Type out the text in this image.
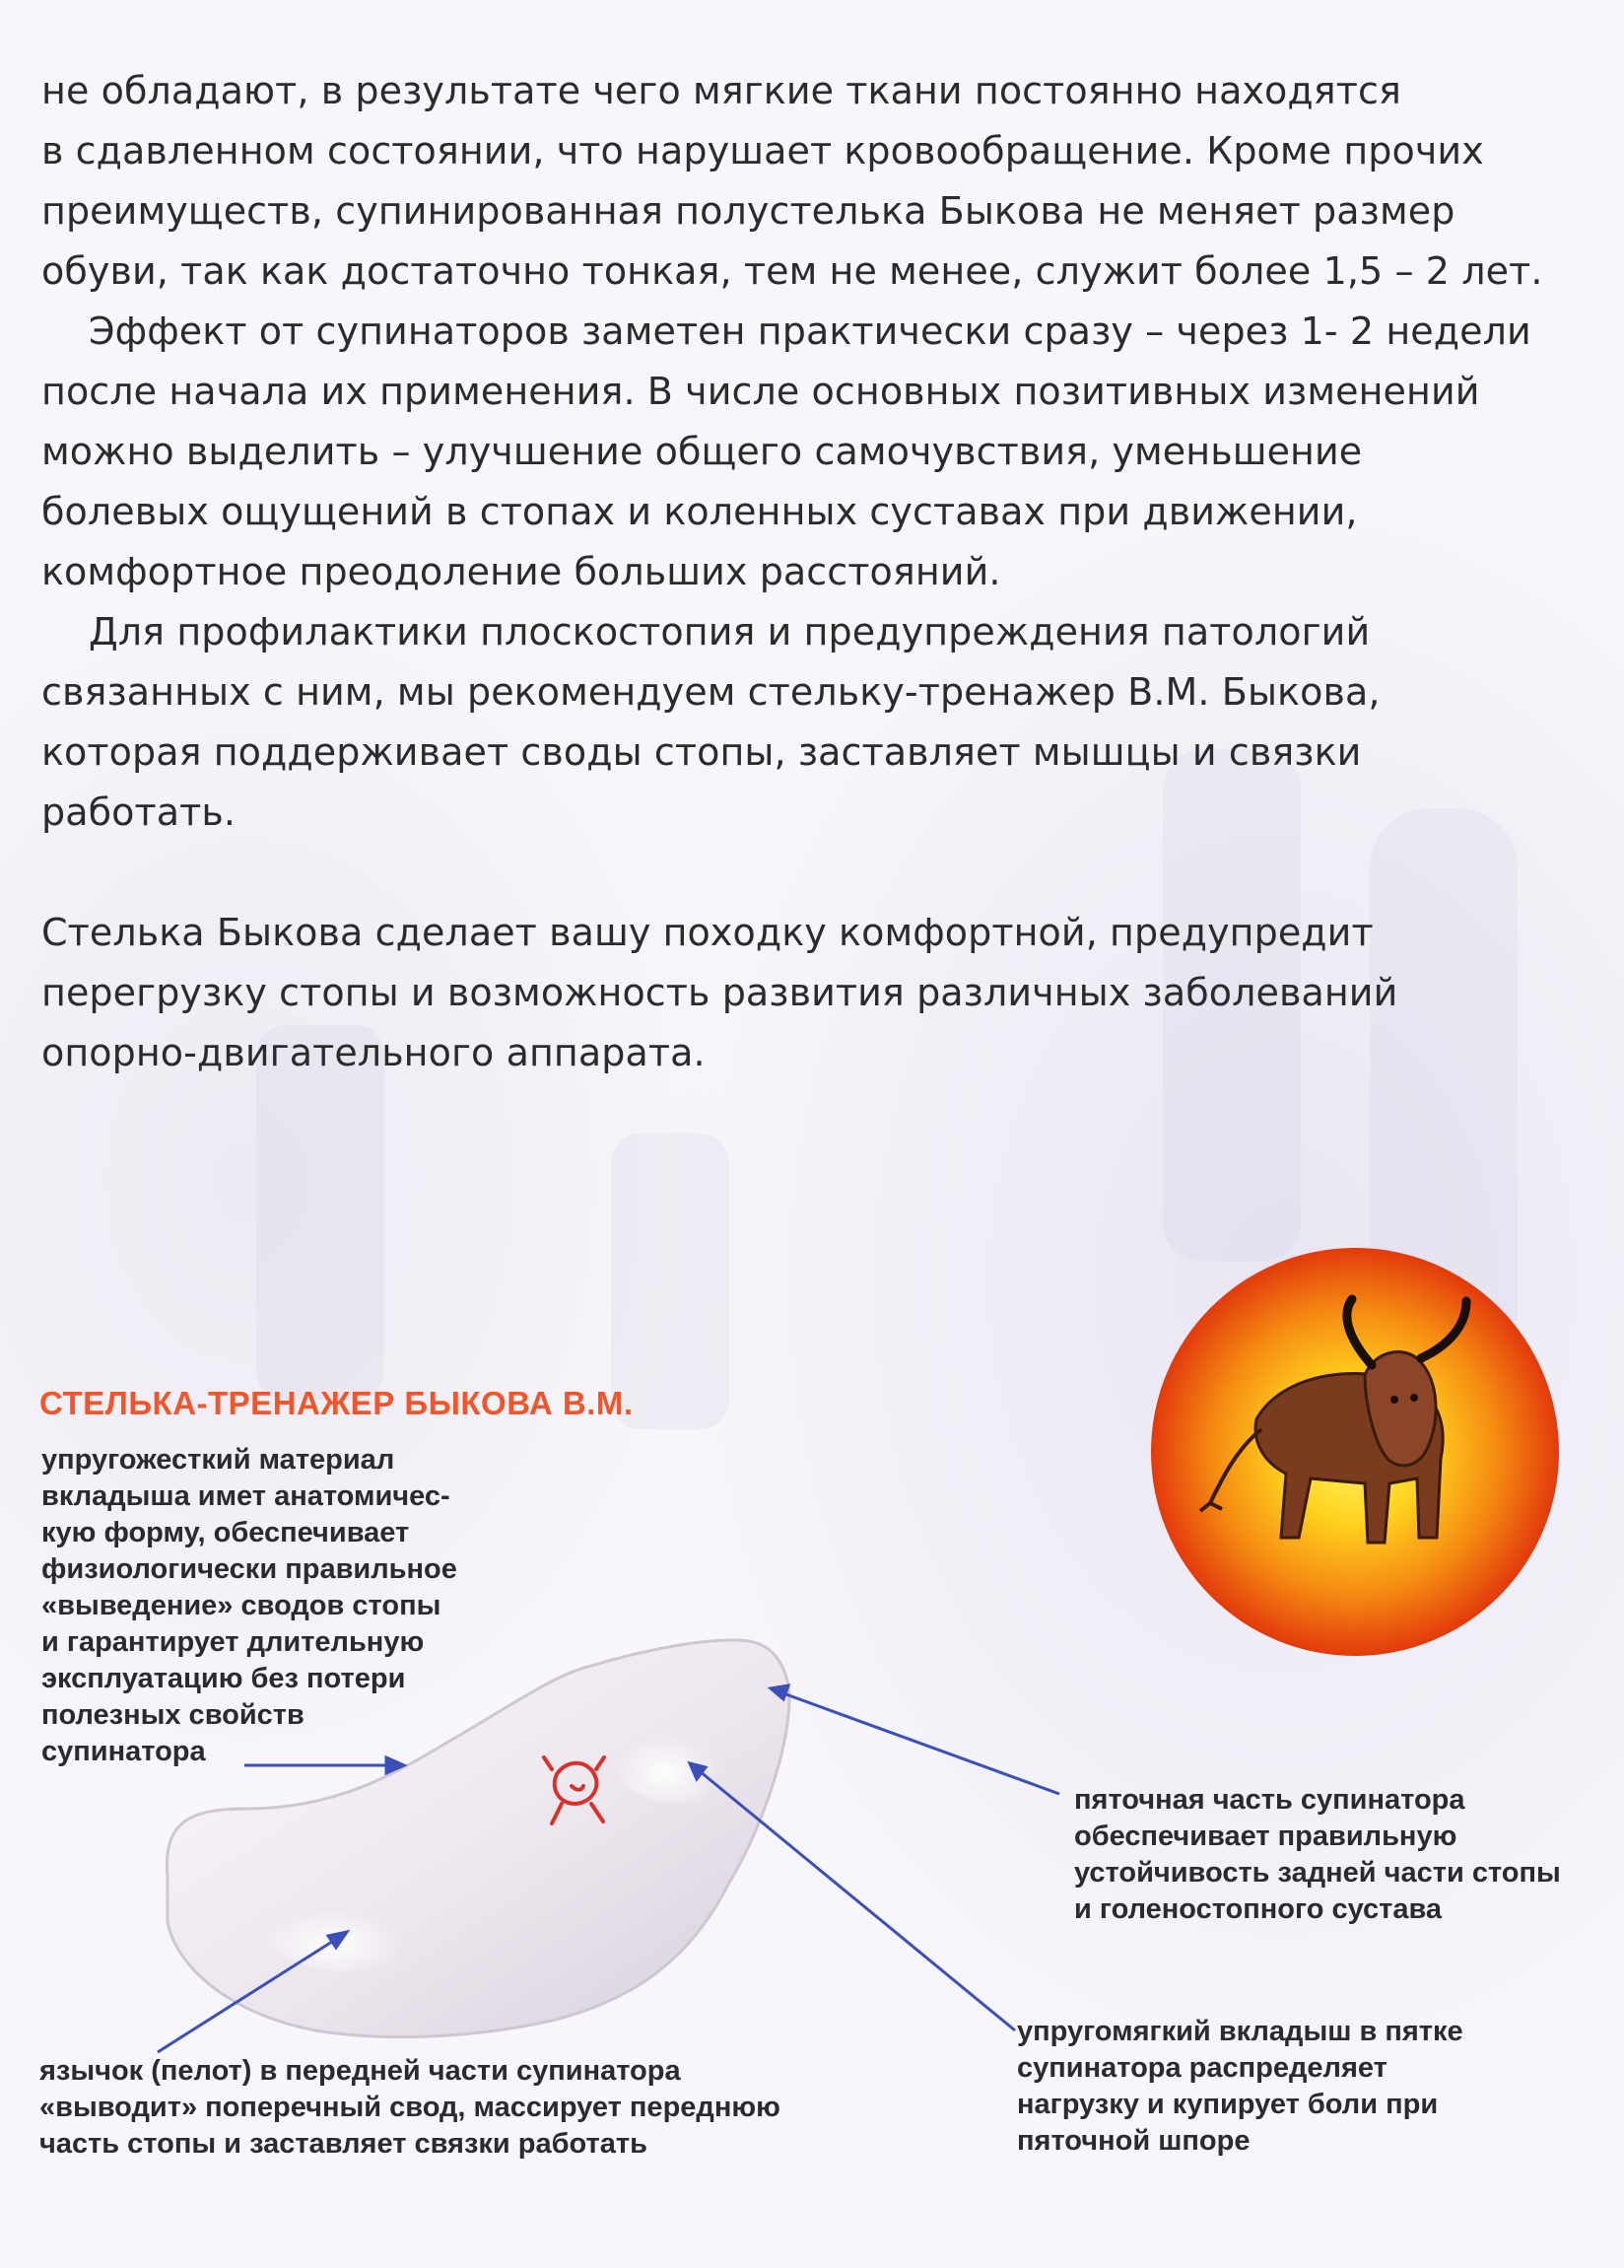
не обладают, в результате чего мягкие ткани постоянно находятся
в сдавленном состоянии, что нарушает кровообращение. Кроме прочих
преимуществ, супинированная полустелька Быкова не меняет размер
обуви, так как достаточно тонкая, тем не менее, служит более 1,5 – 2 лет.
Эффект от супинаторов заметен практически сразу – через 1- 2 недели
после начала их применения. В числе основных позитивных изменений
можно выделить – улучшение общего самочувствия, уменьшение
болевых ощущений в стопах и коленных суставах при движении,
комфортное преодоление больших расстояний.
Для профилактики плоскостопия и предупреждения патологий
связанных с ним, мы рекомендуем стельку-тренажер В.М. Быкова,
которая поддерживает своды стопы, заставляет мышцы и связки
работать.
Стелька Быкова сделает вашу походку комфортной, предупредит
перегрузку стопы и возможность развития различных заболеваний
опорно-двигательного аппарата.
СТЕЛЬКА-ТРЕНАЖЕР БЫКОВА В.М.
упругожесткий материал
вкладыша имет анатомичес-
кую форму, обеспечивает
физиологически правильное
«выведение» сводов стопы
и гарантирует длительную
эксплуатацию без потери
полезных свойств
супинатора
пяточная часть супинатора
обеспечивает правильную
устойчивость задней части стопы
и голеностопного сустава
упругомягкий вкладыш в пятке
супинатора распределяет
нагрузку и купирует боли при
пяточной шпоре
язычок (пелот) в передней части супинатора
«выводит» поперечный свод, массирует переднюю
часть стопы и заставляет связки работать
